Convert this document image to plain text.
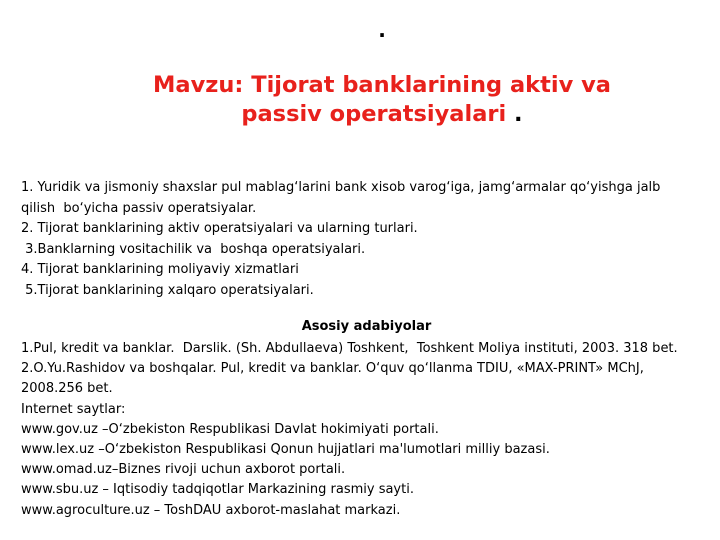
.
Mavzu: Tijorat banklarining aktiv va
passiv operatsiyalari .
1. Yuridik va jismoniy shaxslar pul mablag‘larini bank xisob varog‘iga, jamg‘armalar qo‘yishga jalb
qilish  bo‘yicha passiv operatsiyalar.
2. Tijorat banklarining aktiv operatsiyalari va ularning turlari.
3.Banklarning vositachilik va  boshqa operatsiyalari.
4. Tijorat banklarining moliyaviy xizmatlari
5.Tijorat banklarining xalqaro operatsiyalari.
Asosiy adabiyolar
1.Pul, kredit va banklar.  Darslik. (Sh. Abdullaeva) Toshkent,  Toshkent Moliya instituti, 2003. 318 bet.
2.O.Yu.Rashidov va boshqalar. Pul, kredit va banklar. O‘quv qo‘llanma TDIU, «MAX-PRINT» MChJ,
2008.256 bet.
Internet saytlar:
www.gov.uz –O‘zbekiston Respublikasi Davlat hokimiyati portali.
www.lex.uz –O‘zbekiston Respublikasi Qonun hujjatlari ma'lumotlari milliy bazasi.
www.omad.uz–Biznes rivoji uchun axborot portali.
www.sbu.uz – Iqtisodiy tadqiqotlar Markazining rasmiy sayti.
www.agroculture.uz – ToshDAU axborot-maslahat markazi.
